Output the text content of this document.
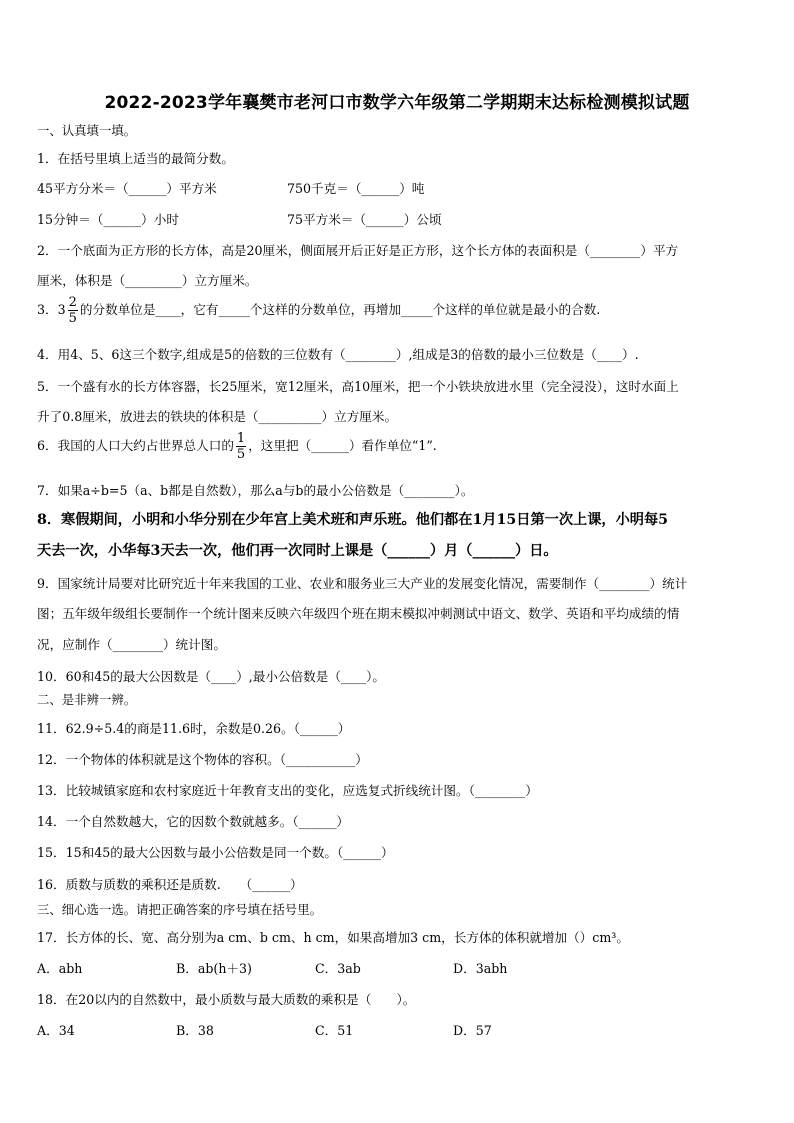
2022-2023学年襄樊市老河口市数学六年级第二学期期末达标检测模拟试题
一、认真填一填。
1．在括号里填上适当的最简分数。
45平方分米＝（______）平方米	750千克＝（______）吨
15分钟＝（______）小时	75平方米＝（______）公顷
2．一个底面为正方形的长方体，高是20厘米，侧面展开后正好是正方形，这个长方体的表面积是（________）平方
厘米，体积是（_________）立方厘米。
3．$3 \frac{2}{5}$ 的分数单位是____，它有_____个这样的分数单位，再增加_____个这样的单位就是最小的合数.
4．用4、5、6这三个数字,组成是5的倍数的三位数有（________）,组成是3的倍数的最小三位数是（____）.
5．一个盛有水的长方体容器，长25厘米，宽12厘米，高10厘米，把一个小铁块放进水里（完全浸没），这时水面上
升了0.8厘米，放进去的铁块的体积是（__________）立方厘米。
6．我国的人口大约占世界总人口的 $\frac{1}{5}$ ，这里把（______）看作单位“1”.
7．如果a÷b=5（a、b都是自然数），那么a与b的最小公倍数是（________）。
8．寒假期间，小明和小华分别在少年宫上美术班和声乐班。他们都在1月15日第一次上课，小明每5
天去一次，小华每3天去一次，他们再一次同时上课是（______）月（______）日。
9．国家统计局要对比研究近十年来我国的工业、农业和服务业三大产业的发展变化情况，需要制作（________）统计
图；五年级年级组长要制作一个统计图来反映六年级四个班在期末模拟冲刺测试中语文、数学、英语和平均成绩的情
况，应制作（________）统计图。
10．60和45的最大公因数是（____）,最小公倍数是（____）。
二、是非辨一辨。
11．62.9÷5.4的商是11.6时，余数是0.26。（______）
12．一个物体的体积就是这个物体的容积。（___________）
13．比较城镇家庭和农村家庭近十年教育支出的变化，应选复式折线统计图。（________）
14．一个自然数越大，它的因数个数就越多。（______）
15．15和45的最大公因数与最小公倍数是同一个数。（______）
16．质数与质数的乘积还是质数.　　（______）
三、细心选一选。请把正确答案的序号填在括号里。
17．长方体的长、宽、高分别为a cm、b cm、h cm，如果高增加3 cm，长方体的体积就增加（）cm³。
A．abh	B．ab(h＋3)	C．3ab	D．3abh
18．在20以内的自然数中，最小质数与最大质数的乘积是（　　）。
A．34	B．38	C．51	D．57
